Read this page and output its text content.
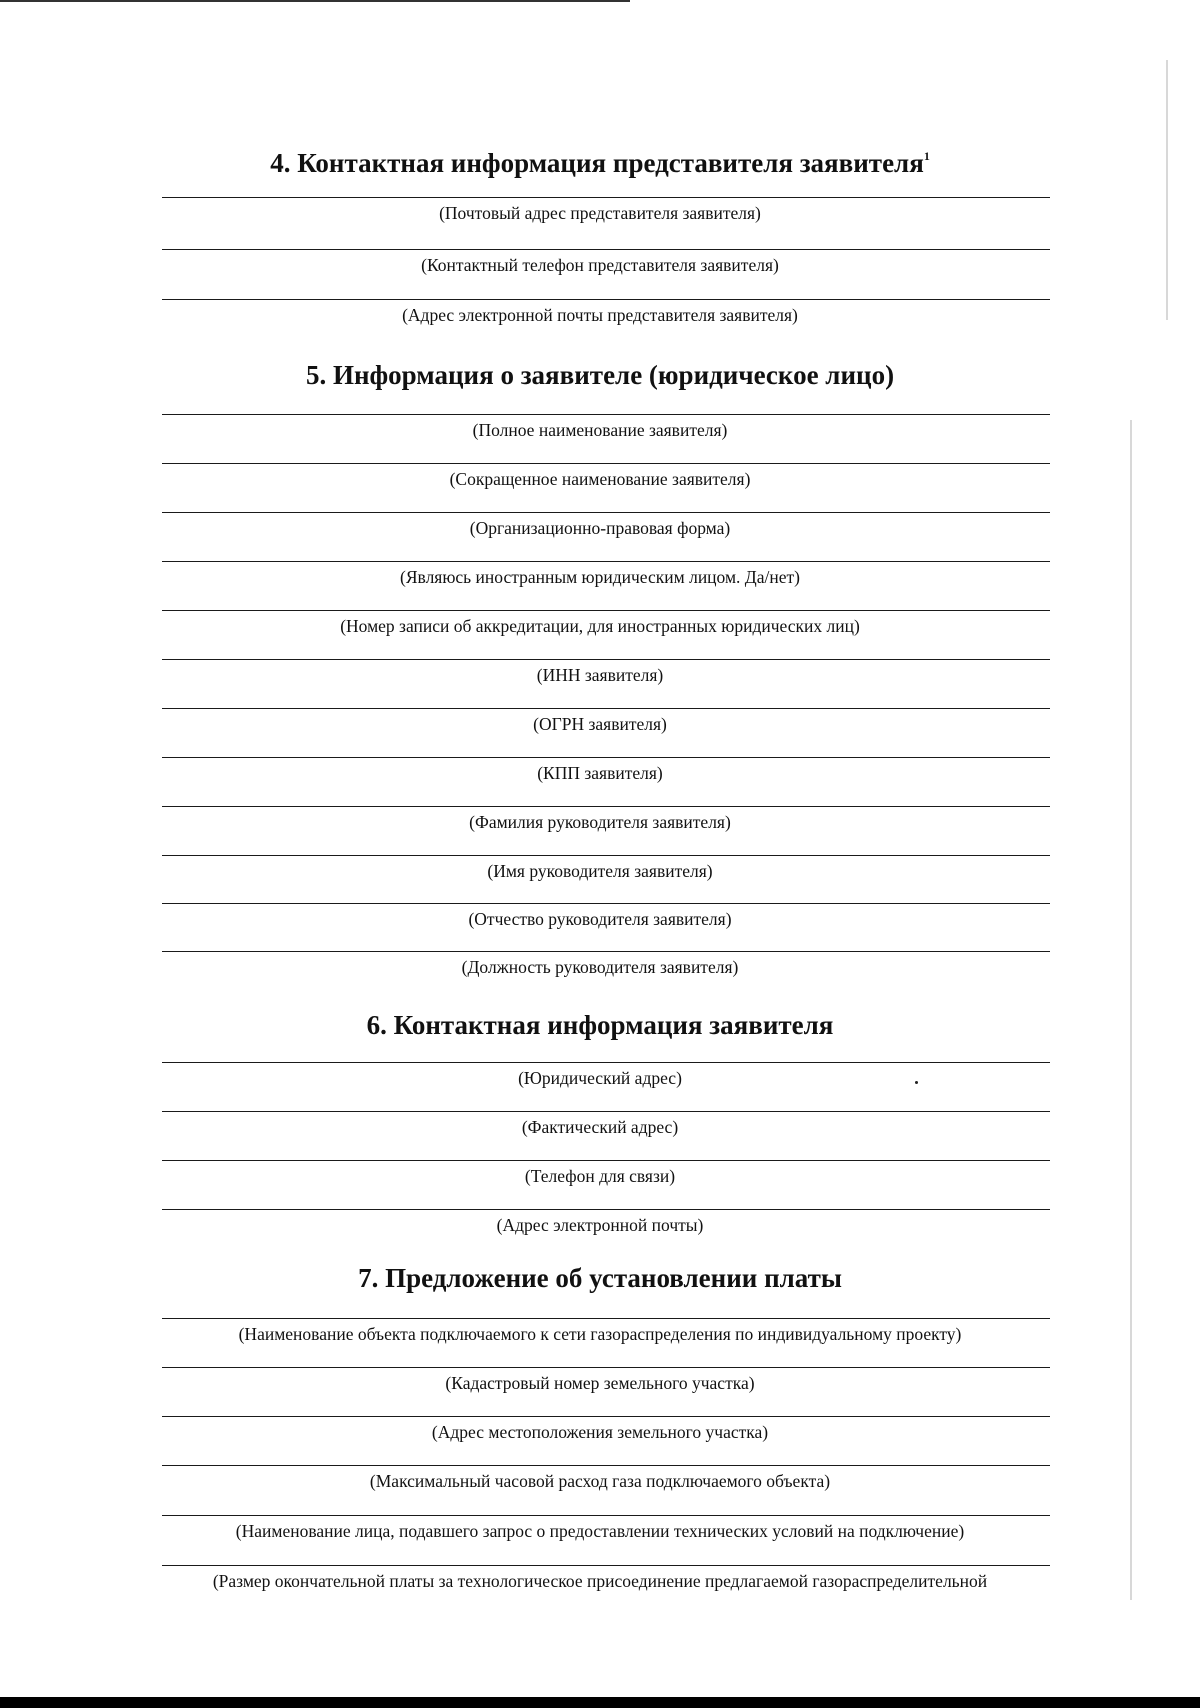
4. Контактная информация представителя заявителя$^1$
(Почтовый адрес представителя заявителя)
(Контактный телефон представителя заявителя)
(Адрес электронной почты представителя заявителя)
5. Информация о заявителе (юридическое лицо)
(Полное наименование заявителя)
(Сокращенное наименование заявителя)
(Организационно-правовая форма)
(Являюсь иностранным юридическим лицом. Да/нет)
(Номер записи об аккредитации, для иностранных юридических лиц)
(ИНН заявителя)
(ОГРН заявителя)
(КПП заявителя)
(Фамилия руководителя заявителя)
(Имя руководителя заявителя)
(Отчество руководителя заявителя)
(Должность руководителя заявителя)
6. Контактная информация заявителя
(Юридический адрес)
(Фактический адрес)
(Телефон для связи)
(Адрес электронной почты)
7. Предложение об установлении платы
(Наименование объекта подключаемого к сети газораспределения по индивидуальному проекту)
(Кадастровый номер земельного участка)
(Адрес местоположения земельного участка)
(Максимальный часовой расход газа подключаемого объекта)
(Наименование лица, подавшего запрос о предоставлении технических условий на подключение)
(Размер окончательной платы за технологическое присоединение предлагаемой газораспределительной
